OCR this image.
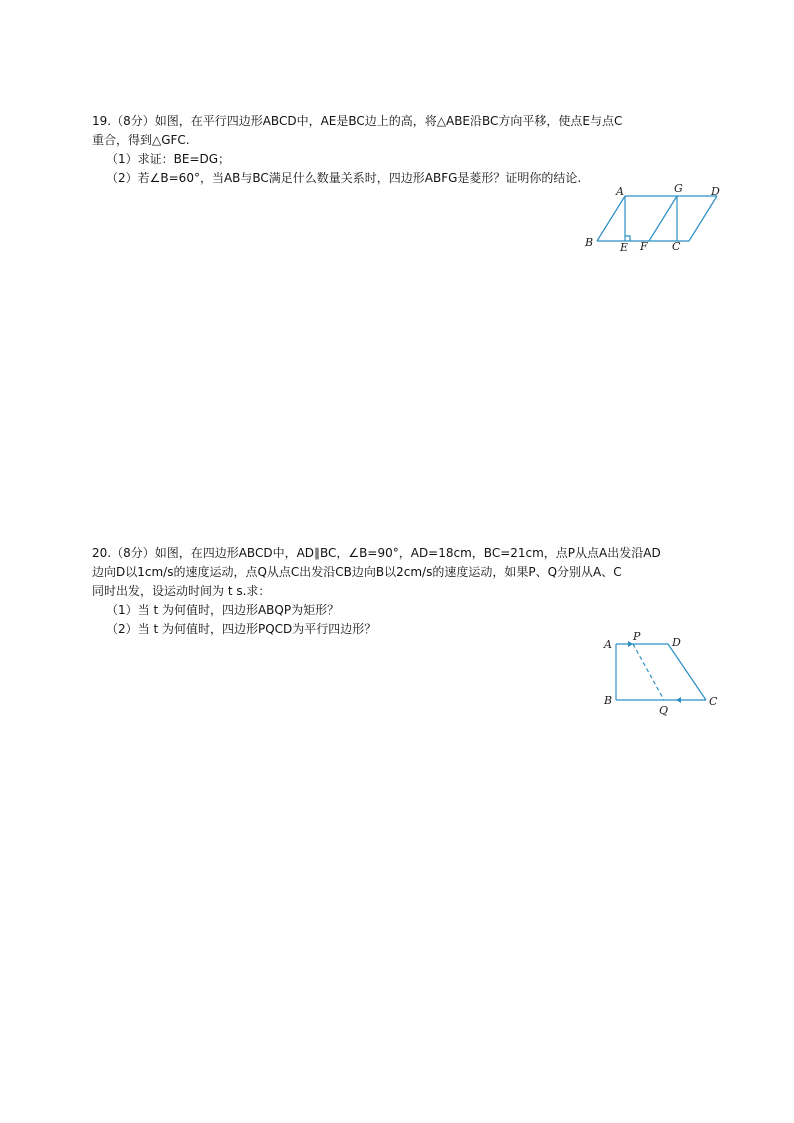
19.（8分）如图，在平行四边形ABCD中，AE是BC边上的高，将△ABE沿BC方向平移，使点E与点C
重合，得到△GFC.
（1）求证：BE=DG；
（2）若∠B=60°，当AB与BC满足什么数量关系时，四边形ABFG是菱形？证明你的结论.
A	G	D
B E F C
20.（8分）如图，在四边形ABCD中，AD∥BC，∠B=90°，AD=18cm，BC=21cm，点P从点A出发沿AD
边向D以1cm/s的速度运动，点Q从点C出发沿CB边向B以2cm/s的速度运动，如果P、Q分别从A、C
同时出发，设运动时间为 t s.求：
（1）当 t 为何值时，四边形ABQP为矩形？
（2）当 t 为何值时，四边形PQCD为平行四边形？
A
P	D
B
Q
C
